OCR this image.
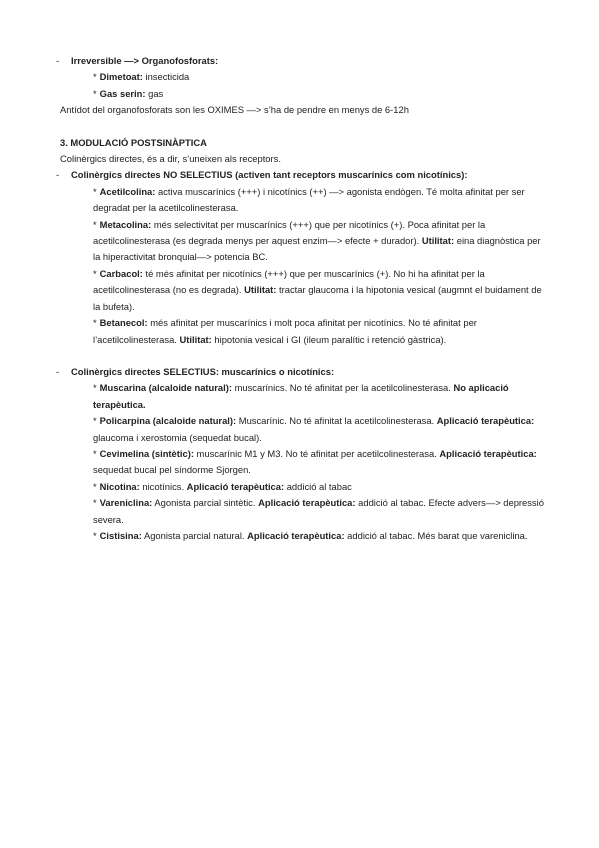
- Irreversible —> Organofosforats:
* Dimetoat: insecticida
* Gas serin: gas

Antídot del organofosforats son les OXIMES —> s’ha de pendre en menys de 6-12h

3. MODULACIÓ POSTSINÀPTICA

Colinèrgics directes, és a dir, s’uneixen als receptors.

- Colinèrgics directes NO SELECTIUS (activen tant receptors muscarínics com nicotínics):

* Acetilcolina: activa muscarínics (+++) i nicotínics (++) —> agonista endògen. Té molta afinitat per ser degradat per la acetilcolinesterasa.

* Metacolina: més selectivitat per muscarínics (+++) que per nicotínics (+). Poca afinitat per la acetilcolinesterasa (es degrada menys per aquest enzim—> efecte + durador). Utilitat: eina diagnòstica per la hiperactivitat bronquial—> potencia BC.

* Carbacol: té més afinitat per nicotínics (+++) que per muscarínics (+). No hi ha afinitat per la acetilcolinesterasa (no es degrada). Utilitat: tractar glaucoma i la hipotonia vesical (augmnt el buidament de la bufeta).

* Betanecol: més afinitat per muscarínics i molt poca afinitat per nicotínics. No té afinitat per l’acetilcolinesterasa. Utilitat: hipotonia vesical i GI (ileum paralític i retenció gàstrica).

- Colinèrgics directes SELECTIUS: muscarínics o nicotínics:

* Muscarina (alcaloide natural): muscarínics. No té afinitat per la acetilcolinesterasa. No aplicació terapèutica.

* Policarpina (alcaloide natural): Muscarínic. No té afinitat la acetilcolinesterasa. Aplicació terapèutica: glaucoma i xerostomia (sequedat bucal).

* Cevimelina (sintètic): muscarínic M1 y M3. No té afinitat per acetilcolinesterasa. Aplicació terapèutica: sequedat bucal pel síndorme Sjorgen.

* Nicotina: nicotínics. Aplicació terapèutica: addició al tabac

* Vareniclina: Agonista parcial sintètic. Aplicació terapèutica: addició al tabac. Efecte advers—> depressió severa.

* Cistisina: Agonista parcial natural. Aplicació terapèutica: addició al tabac. Més barat que vareniclina.
